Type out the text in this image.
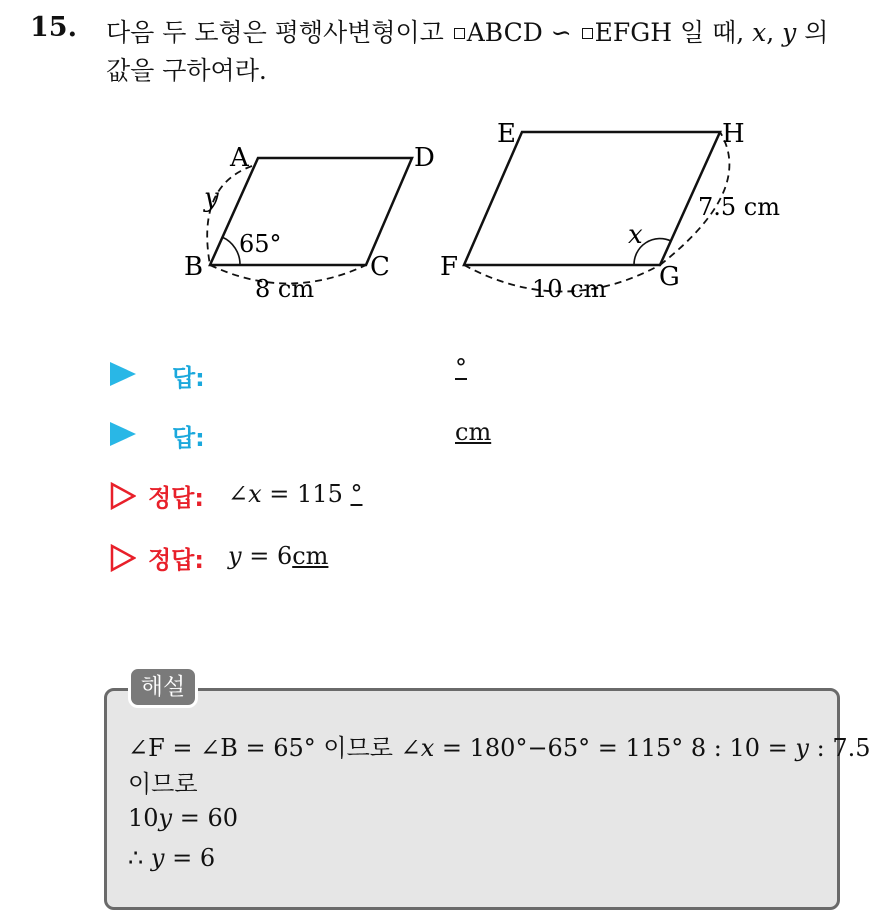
15. 다음 두 도형은 평행사변형이고 ABCD ∽ EFGH 일 때, x, y 의
값을 구하여라.
A	D
B	C
y
65°
8 cm
E	H
F	G
x
7.5 cm
10 cm
답:	°
답:	cm
정답: ∠x = 115 °
정답: y = 6cm
해설
∠F = ∠B = 65° 이므로 ∠x = 180°−65° = 115° 8 : 10 = y : 7.5
이므로
10y = 60
∴ y = 6
